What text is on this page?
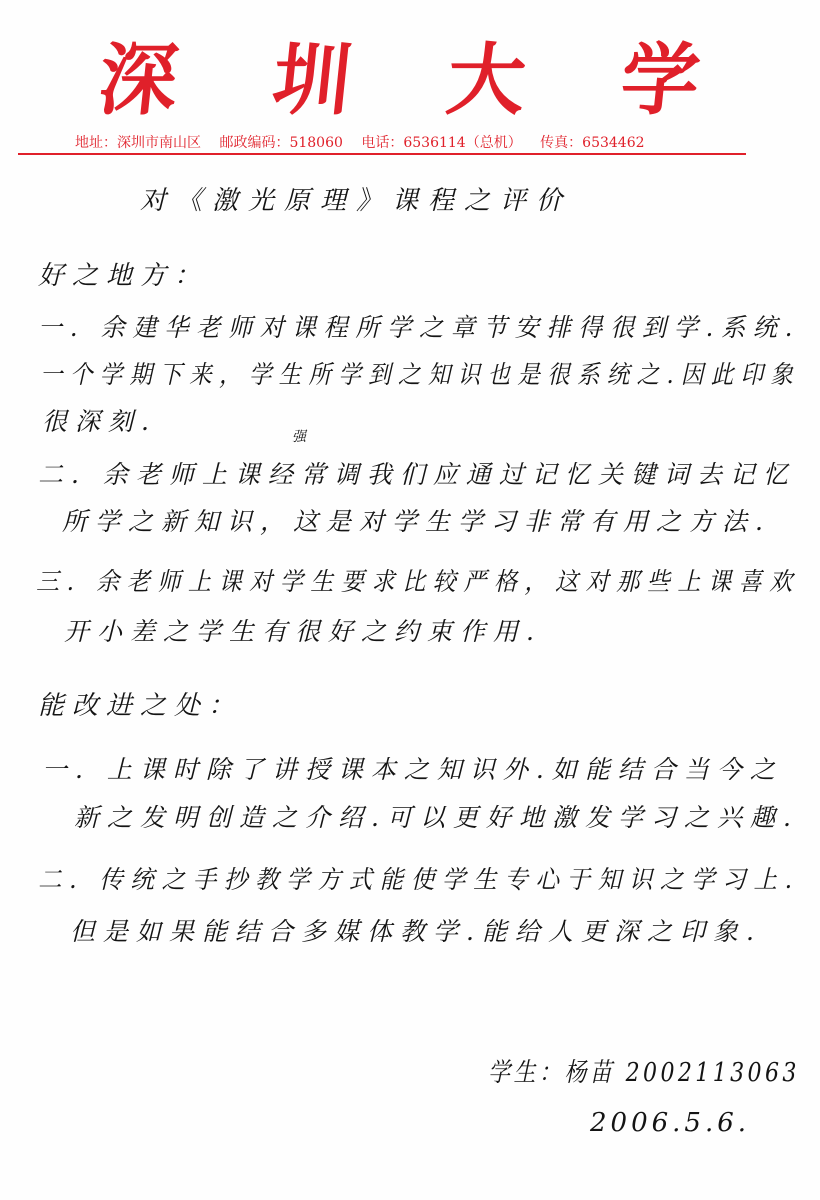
深 圳 大 学
地址：深圳市南山区 邮政编码：518060 电话：6536114（总机） 传真：6534462
对《激光原理》课程之评价
好之地方：
一. 余建华老师对课程所学之章节安排得很到学.系统.
一个学期下来，学生所学到之知识也是很系统之.因此印象
很深刻.
强
二. 余老师上课经常调我们应通过记忆关键词去记忆
所学之新知识，这是对学生学习非常有用之方法.
三. 余老师上课对学生要求比较严格，这对那些上课喜欢
开小差之学生有很好之约束作用.
能改进之处：
一. 上课时除了讲授课本之知识外.如能结合当今之
新之发明创造之介绍.可以更好地激发学习之兴趣.
二. 传统之手抄教学方式能使学生专心于知识之学习上.
但是如果能结合多媒体教学.能给人更深之印象.
学生：杨苗 2002113063
2006.5.6.
